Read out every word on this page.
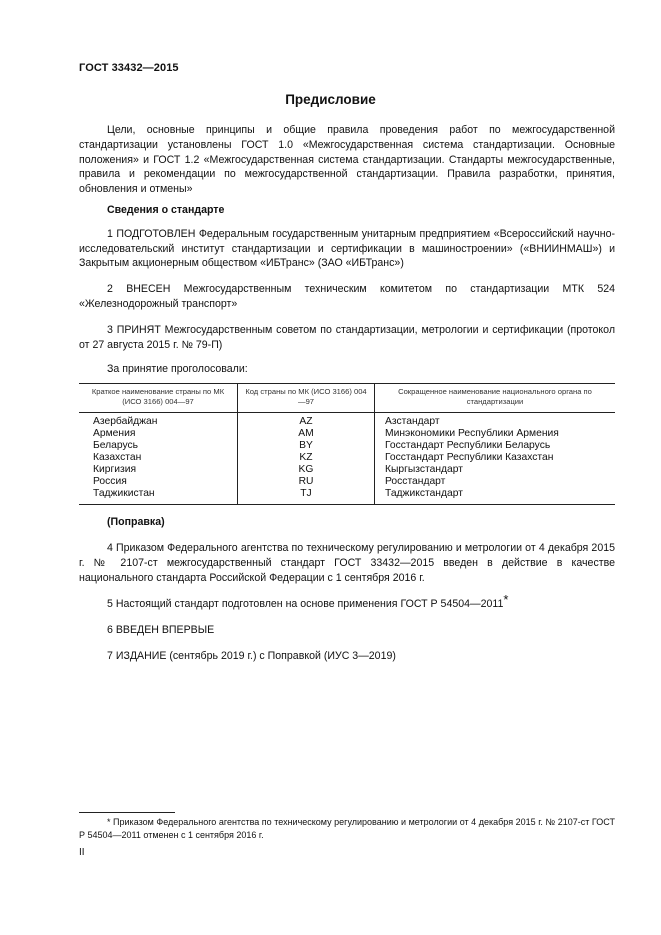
ГОСТ 33432—2015
Предисловие

Цели, основные принципы и общие правила проведения работ по межгосударственной стандартизации установлены ГОСТ 1.0 «Межгосударственная система стандартизации. Основные положения» и ГОСТ 1.2 «Межгосударственная система стандартизации. Стандарты межгосударственные, правила и рекомендации по межгосударственной стандартизации. Правила разработки, принятия, обновления и отмены»

Сведения о стандарте

1 ПОДГОТОВЛЕН Федеральным государственным унитарным предприятием «Всероссийский научно-исследовательский институт стандартизации и сертификации в машиностроении» («ВНИИНМАШ») и Закрытым акционерным обществом «ИБТранс» (ЗАО «ИБТранс»)

2 ВНЕСЕН Межгосударственным техническим комитетом по стандартизации МТК 524 «Железнодорожный транспорт»

3 ПРИНЯТ Межгосударственным советом по стандартизации, метрологии и сертификации (протокол от 27 августа 2015 г. № 79-П)

За принятие проголосовали:

Краткое наименование страны по МК (ИСО 3166) 004—97	Код страны по МК (ИСО 3166) 004—97	Сокращенное наименование национального органа по стандартизации
Азербайджан	AZ	Азстандарт
Армения	AM	Минэкономики Республики Армения
Беларусь	BY	Госстандарт Республики Беларусь
Казахстан	KZ	Госстандарт Республики Казахстан
Киргизия	KG	Кыргызстандарт
Россия	RU	Росстандарт
Таджикистан	TJ	Таджикстандарт

(Поправка)

4 Приказом Федерального агентства по техническому регулированию и метрологии от 4 декабря 2015 г. № 2107-ст межгосударственный стандарт ГОСТ 33432—2015 введен в действие в качестве национального стандарта Российской Федерации с 1 сентября 2016 г.

5 Настоящий стандарт подготовлен на основе применения ГОСТ Р 54504—2011*

6 ВВЕДЕН ВПЕРВЫЕ

7 ИЗДАНИЕ (сентябрь 2019 г.) с Поправкой (ИУС 3—2019)

* Приказом Федерального агентства по техническому регулированию и метрологии от 4 декабря 2015 г. № 2107-ст ГОСТ Р 54504—2011 отменен с 1 сентября 2016 г.

II
